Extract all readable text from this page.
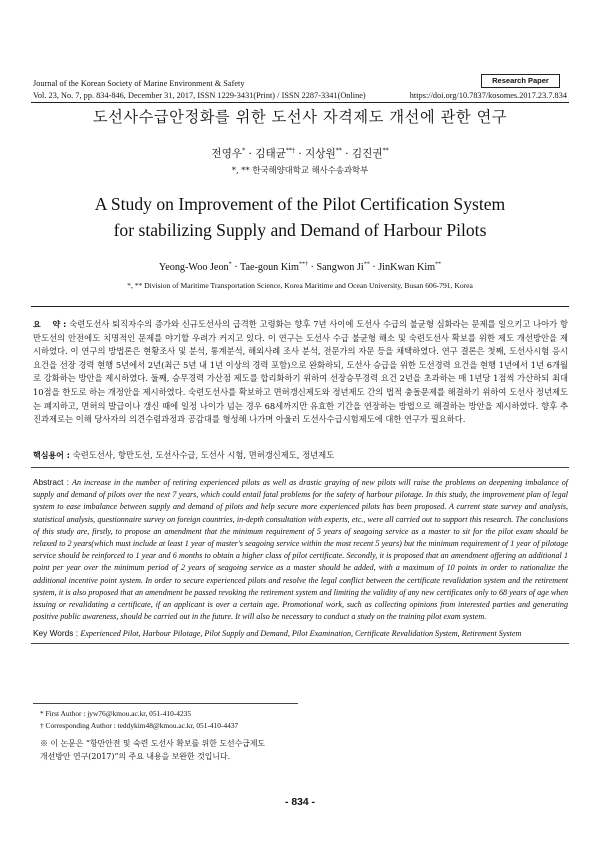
Journal of the Korean Society of Marine Environment & Safety	Research Paper
Vol. 23, No. 7, pp. 834-846, December 31, 2017, ISSN 1229-3431(Print) / ISSN 2287-3341(Online)	https://doi.org/10.7837/kosomes.2017.23.7.834
도선사수급안정화를 위한 도선사 자격제도 개선에 관한 연구
전영우* · 김태균**† · 지상원** · 김진권**
*, ** 한국해양대학교 해사수송과학부
A Study on Improvement of the Pilot Certification System
for stabilizing Supply and Demand of Harbour Pilots
Yeong-Woo Jeon* · Tae-goun Kim**† · Sangwon Ji** · JinKwan Kim**
*, ** Division of Maritime Transportation Science, Korea Maritime and Ocean University, Busan 606-791, Korea
요    약 : 숙련도선사 퇴직자수의 증가와 신규도선사의 급격한 고령화는 향후 7년 사이에 도선사 수급의 불균형 심화라는 문제를 일으키고 나아가 항만도선의 안전에도 치명적인 문제를 야기할 우려가 커지고 있다. 이 연구는 도선사 수급 불균형 해소 및 숙련도선사 확보를 위한 제도 개선방안을 제시하였다. 이 연구의 방법론은 현황조사 및 분석, 통계분석, 해외사례 조사 분석, 전문가의 자문 등을 채택하였다. 연구 결론은 첫째, 도선사시험 응시요건을 선장 경력 현행 5년에서 2년(최근 5년 내 1년 이상의 경력 포함)으로 완화하되, 도선사 승급을 위한 도선경력 요건을 현행 1년에서 1년 6개월로 강화하는 방안을 제시하였다. 둘째, 승무경력 가산점 제도를 합리화하기 위하여 선장승무경력 요건 2년을 초과하는 매 1년당 1점씩 가산하되 최대 10점을 한도로 하는 개정안을 제시하였다. 숙련도선사를 확보하고 면허갱신제도와 정년제도 간의 법적 충돌문제를 해결하기 위하여 도선사 정년제도는 폐지하고, 면허의 발급이나 갱신 때에 일정 나이가 넘는 경우 68세까지만 유효한 기간을 연장하는 방법으로 해결하는 방안을 제시하였다. 향후 추진과제로는 이해 당사자의 의견수렴과정과 공감대를 형성해 나가며 아울러 도선사수급시험제도에 대한 연구가 필요하다.
핵심용어 : 숙련도선사, 항만도선, 도선사수급, 도선사 시험, 면허갱신제도, 정년제도
Abstract : An increase in the number of retiring experienced pilots as well as drastic graying of new pilots will raise the problems on deepening imbalance of supply and demand of pilots over the next 7 years, which could entail fatal problems for the safety of harbour pilotage. In this study, the improvement plan of legal system to ease imbalance between supply and demand of pilots and help secure more experienced pilots has been proposed. A current state survey and analysis, statistical analysis, questionnaire survey on foreign countries, in-depth consultation with experts, etc., were all carried out to support this research. The conclusions of this study are, firstly, to propose an amendment that the minimum requirement of 5 years of seagoing service as a master to sit for the pilot exam should be relaxed to 2 years(which must include at least 1 year of master's seagoing service within the most recent 5 years) but the minimum requirement of 1 year of pilotage service should be reinforced to 1 year and 6 months to obtain a higher class of pilot certificate. Secondly, it is proposed that an amendment offering an additional 1 point per year over the minimum period of 2 years of seagoing service as a master should be added, with a maximum of 10 points in order to rationalize the additional incentive point system. In order to secure experienced pilots and resolve the legal conflict between the certificate revalidation system and the retirement system, it is also proposed that an amendment be passed revoking the retirement system and limiting the validity of any new certificates only to 68 years of age when issuing or revalidating a certificate, if an applicant is over a certain age. Promotional work, such as collecting opinions from interested parties and generating positive public awareness, should be carried out in the future. It will also be necessary to conduct a study on the training pilot exam system.
Key Words : Experienced Pilot, Harbour Pilotage, Pilot Supply and Demand, Pilot Examination, Certificate Revalidation System, Retirement System
* First Author : jyw76@kmou.ac.kr, 051-410-4235
† Corresponding Author : teddykim48@kmou.ac.kr, 051-410-4437
※ 이 논문은 “항만안전 및 숙련 도선사 확보를 위한 도선수급제도
개선방안 연구(2017)”의 주요 내용을 보완한 것입니다.
- 834 -
